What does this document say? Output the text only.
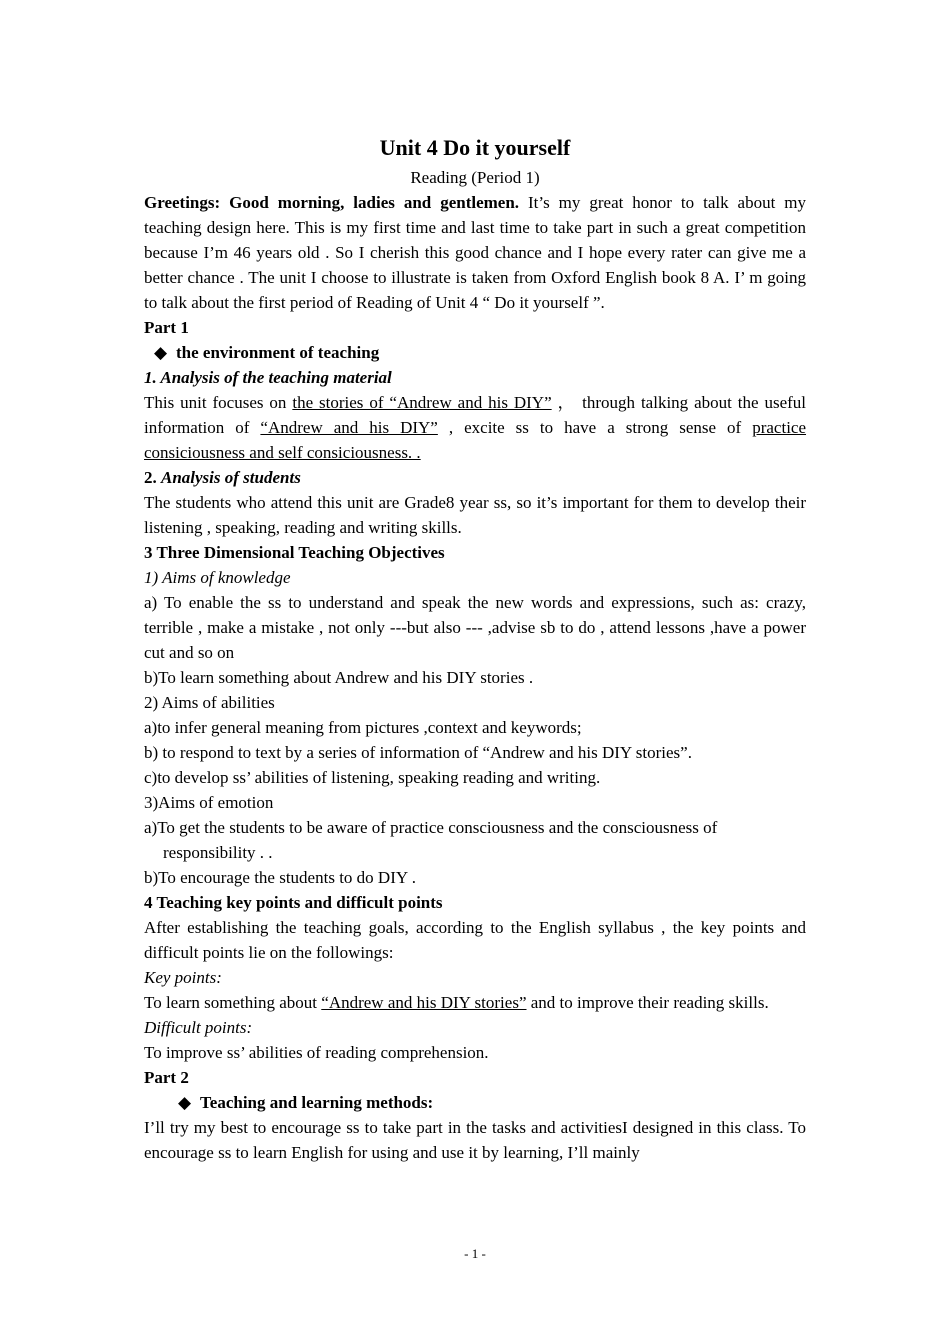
Unit 4 Do it yourself
Reading (Period 1)

Greetings: Good morning, ladies and gentlemen. It’s my great honor to talk about my teaching design here. This is my first time and last time to take part in such a great competition because I’m 46 years old . So I cherish this good chance and I hope every rater can give me a better chance . The unit I choose to illustrate is taken from Oxford English book 8 A. I’ m going to talk about the first period of Reading of Unit 4 “ Do it yourself ”.

Part 1
◆ the environment of teaching
1. Analysis of the teaching material

This unit focuses on the stories of “Andrew and his DIY” ， through talking about the useful information of “Andrew and his DIY” , excite ss to have a strong sense of practice consiciousness and self consiciousness. .

2. Analysis of students

The students who attend this unit are Grade8 year ss, so it’s important for them to develop their listening , speaking, reading and writing skills.

3 Three Dimensional Teaching Objectives
1) Aims of knowledge

a) To enable the ss to understand and speak the new words and expressions, such as: crazy, terrible , make a mistake , not only ---but also --- ,advise sb to do , attend lessons ,have a power cut and so on

b)To learn something about Andrew and his DIY stories .
2) Aims of abilities
a)to infer general meaning from pictures ,context and keywords;
b) to respond to text by a series of information of “Andrew and his DIY stories”.
c)to develop ss’ abilities of listening, speaking reading and writing.
3)Aims of emotion
a)To get the students to be aware of practice consciousness and the consciousness of
responsibility . .
b)To encourage the students to do DIY .
4 Teaching key points and difficult points

After establishing the teaching goals, according to the English syllabus , the key points and difficult points lie on the followings:

Key points:

To learn something about “Andrew and his DIY stories” and to improve their reading skills.

Difficult points:
To improve ss’ abilities of reading comprehension.
Part 2
◆ Teaching and learning methods:

I’ll try my best to encourage ss to take part in the tasks and activitiesI designed in this class. To encourage ss to learn English for using and use it by learning, I’ll mainly

- 1 -
